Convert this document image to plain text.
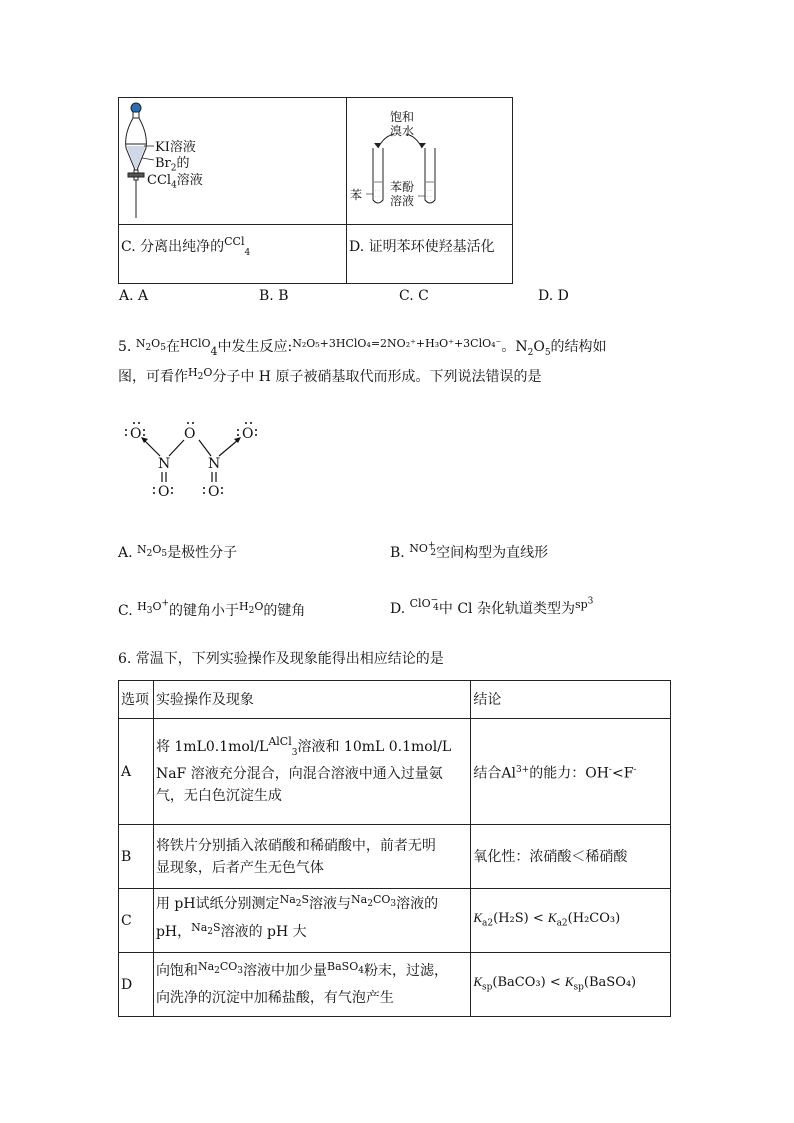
KI溶液
$Br_2$的
CCl$_4$溶液
. .
. .
. .
. .
饱和
溴水
苯
苯酚
溶液
C. 分离出纯净的$^{CCl}_4$	D. 证明苯环使羟基活化
A. A	B. B	C. C	D. D
5. $^{N_2O_5}$在$^{HClO}_4$中发生反应:$^{N_2O_5+3HClO_4=2NO_2^++H_3O^++3ClO_4^-}$。$N_2O_5$的结构如
图，可看作$^{H_2O}$分子中 H 原子被硝基取代而形成。下列说法错误的是
O	O	O
N	N
O	O
A. $^{N_2O_5}$是极性分子	B. $^{NO^+_2}$空间构型为直线形
C. $^{H_3O^+}$的键角小于$^{H_2O}$的键角	D. $^{ClO^-_4}$中 Cl 杂化轨道类型为$^{sp^3}$
6. 常温下，下列实验操作及现象能得出相应结论的是
选项	实验操作及现象	结论
A	将 $1mL0.1mol/L^{AlCl}_3$溶液和 10mL 0.1mol/L
NaF 溶液充分混合，向混合溶液中通入过量氨
气，无白色沉淀生成	结合$Al^{3+}$的能力：OH-<F-
B	将铁片分别插入浓硝酸和稀硝酸中，前者无明
显现象，后者产生无色气体	氧化性：浓硝酸＜稀硝酸
C	用 pH试纸分别测定$^{Na_2S}$溶液与$^{Na_2CO_3}$溶液的
pH，$^{Na_2S}$溶液的 pH 大	$K_{a2}(H_2S) < K_{a2}(H_2CO_3)$
D	向饱和$^{Na_2CO_3}$溶液中加少量$^{BaSO_4}$粉末，过滤，
向洗净的沉淀中加稀盐酸，有气泡产生	$K_{sp}(BaCO_3)$ < $K_{sp}(BaSO_4)$
